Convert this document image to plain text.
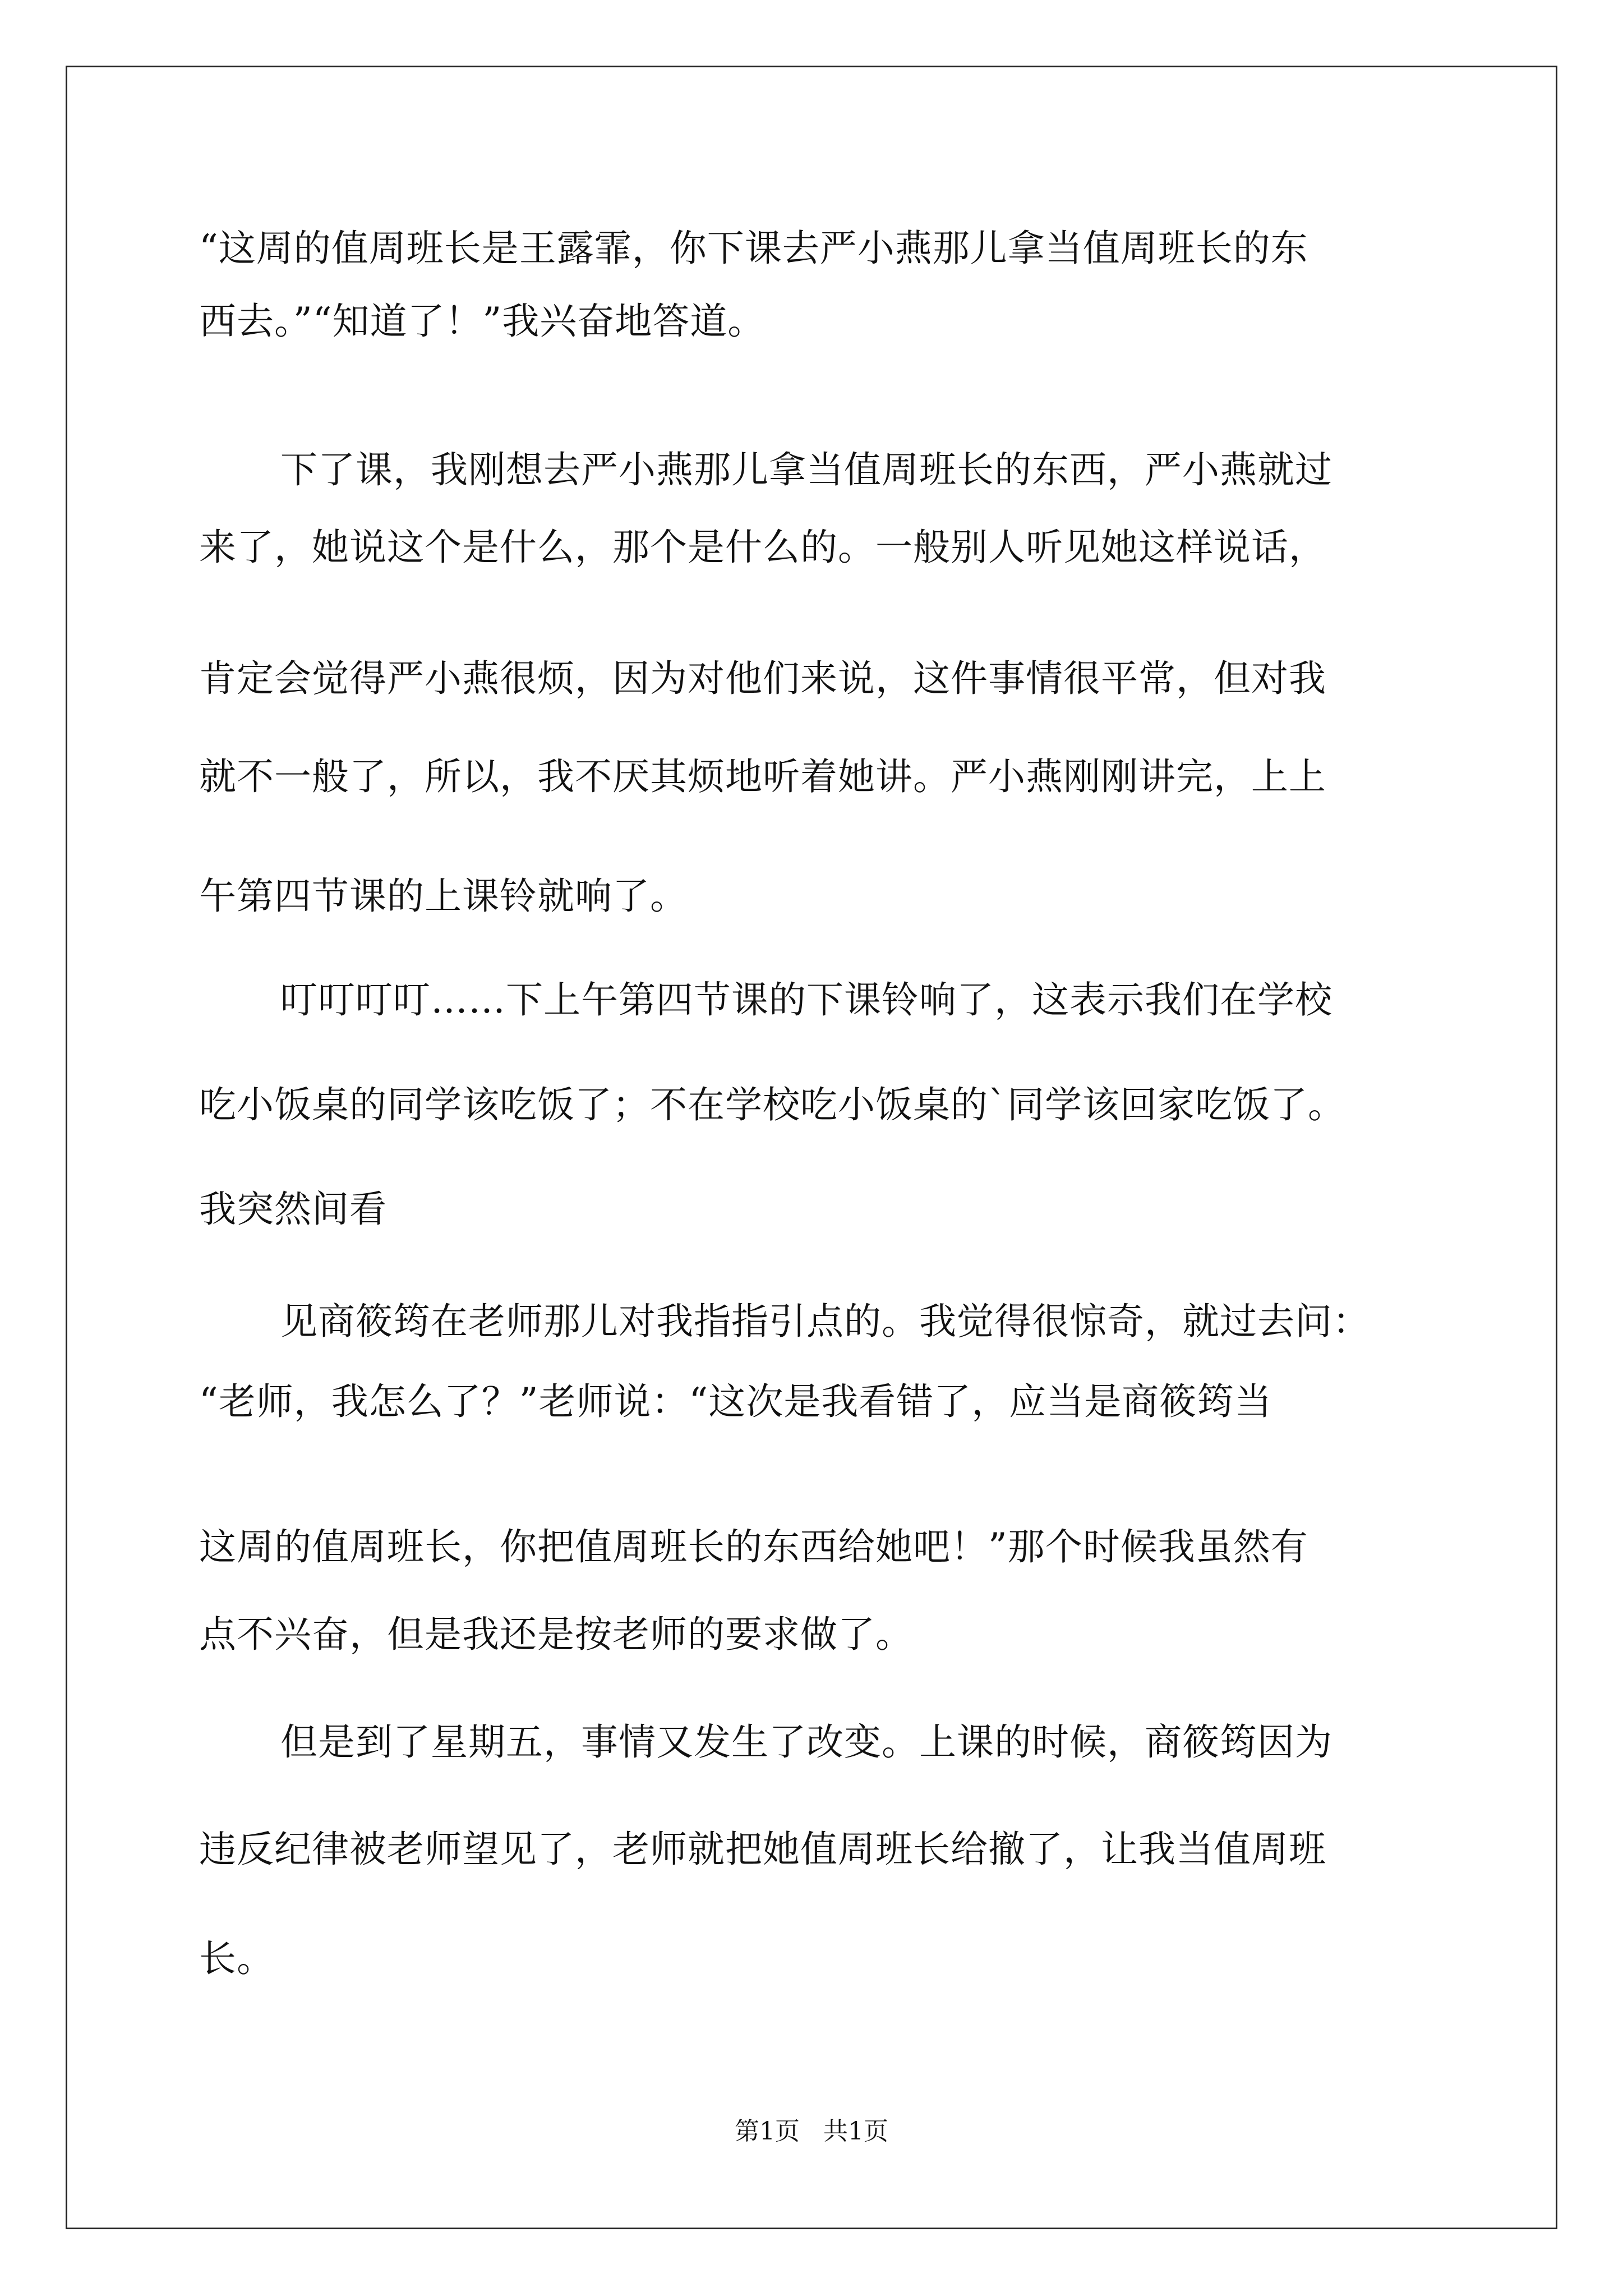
“这周的值周班长是王露霏，你下课去严小燕那儿拿当值周班长的东
西去。”“知道了！”我兴奋地答道。
下了课，我刚想去严小燕那儿拿当值周班长的东西，严小燕就过
来了，她说这个是什么，那个是什么的。一般别人听见她这样说话，
肯定会觉得严小燕很烦，因为对他们来说，这件事情很平常，但对我
就不一般了，所以，我不厌其烦地听着她讲。严小燕刚刚讲完，上上
午第四节课的上课铃就响了。
叮叮叮叮……下上午第四节课的下课铃响了，这表示我们在学校
吃小饭桌的同学该吃饭了；不在学校吃小饭桌的`同学该回家吃饭了。
我突然间看
见商筱筠在老师那儿对我指指引点的。我觉得很惊奇，就过去问：
“老师，我怎么了？”老师说：“这次是我看错了，应当是商筱筠当
这周的值周班长，你把值周班长的东西给她吧！”那个时候我虽然有
点不兴奋，但是我还是按老师的要求做了。
但是到了星期五，事情又发生了改变。上课的时候，商筱筠因为
违反纪律被老师望见了，老师就把她值周班长给撤了，让我当值周班
长。
第1页   共1页
